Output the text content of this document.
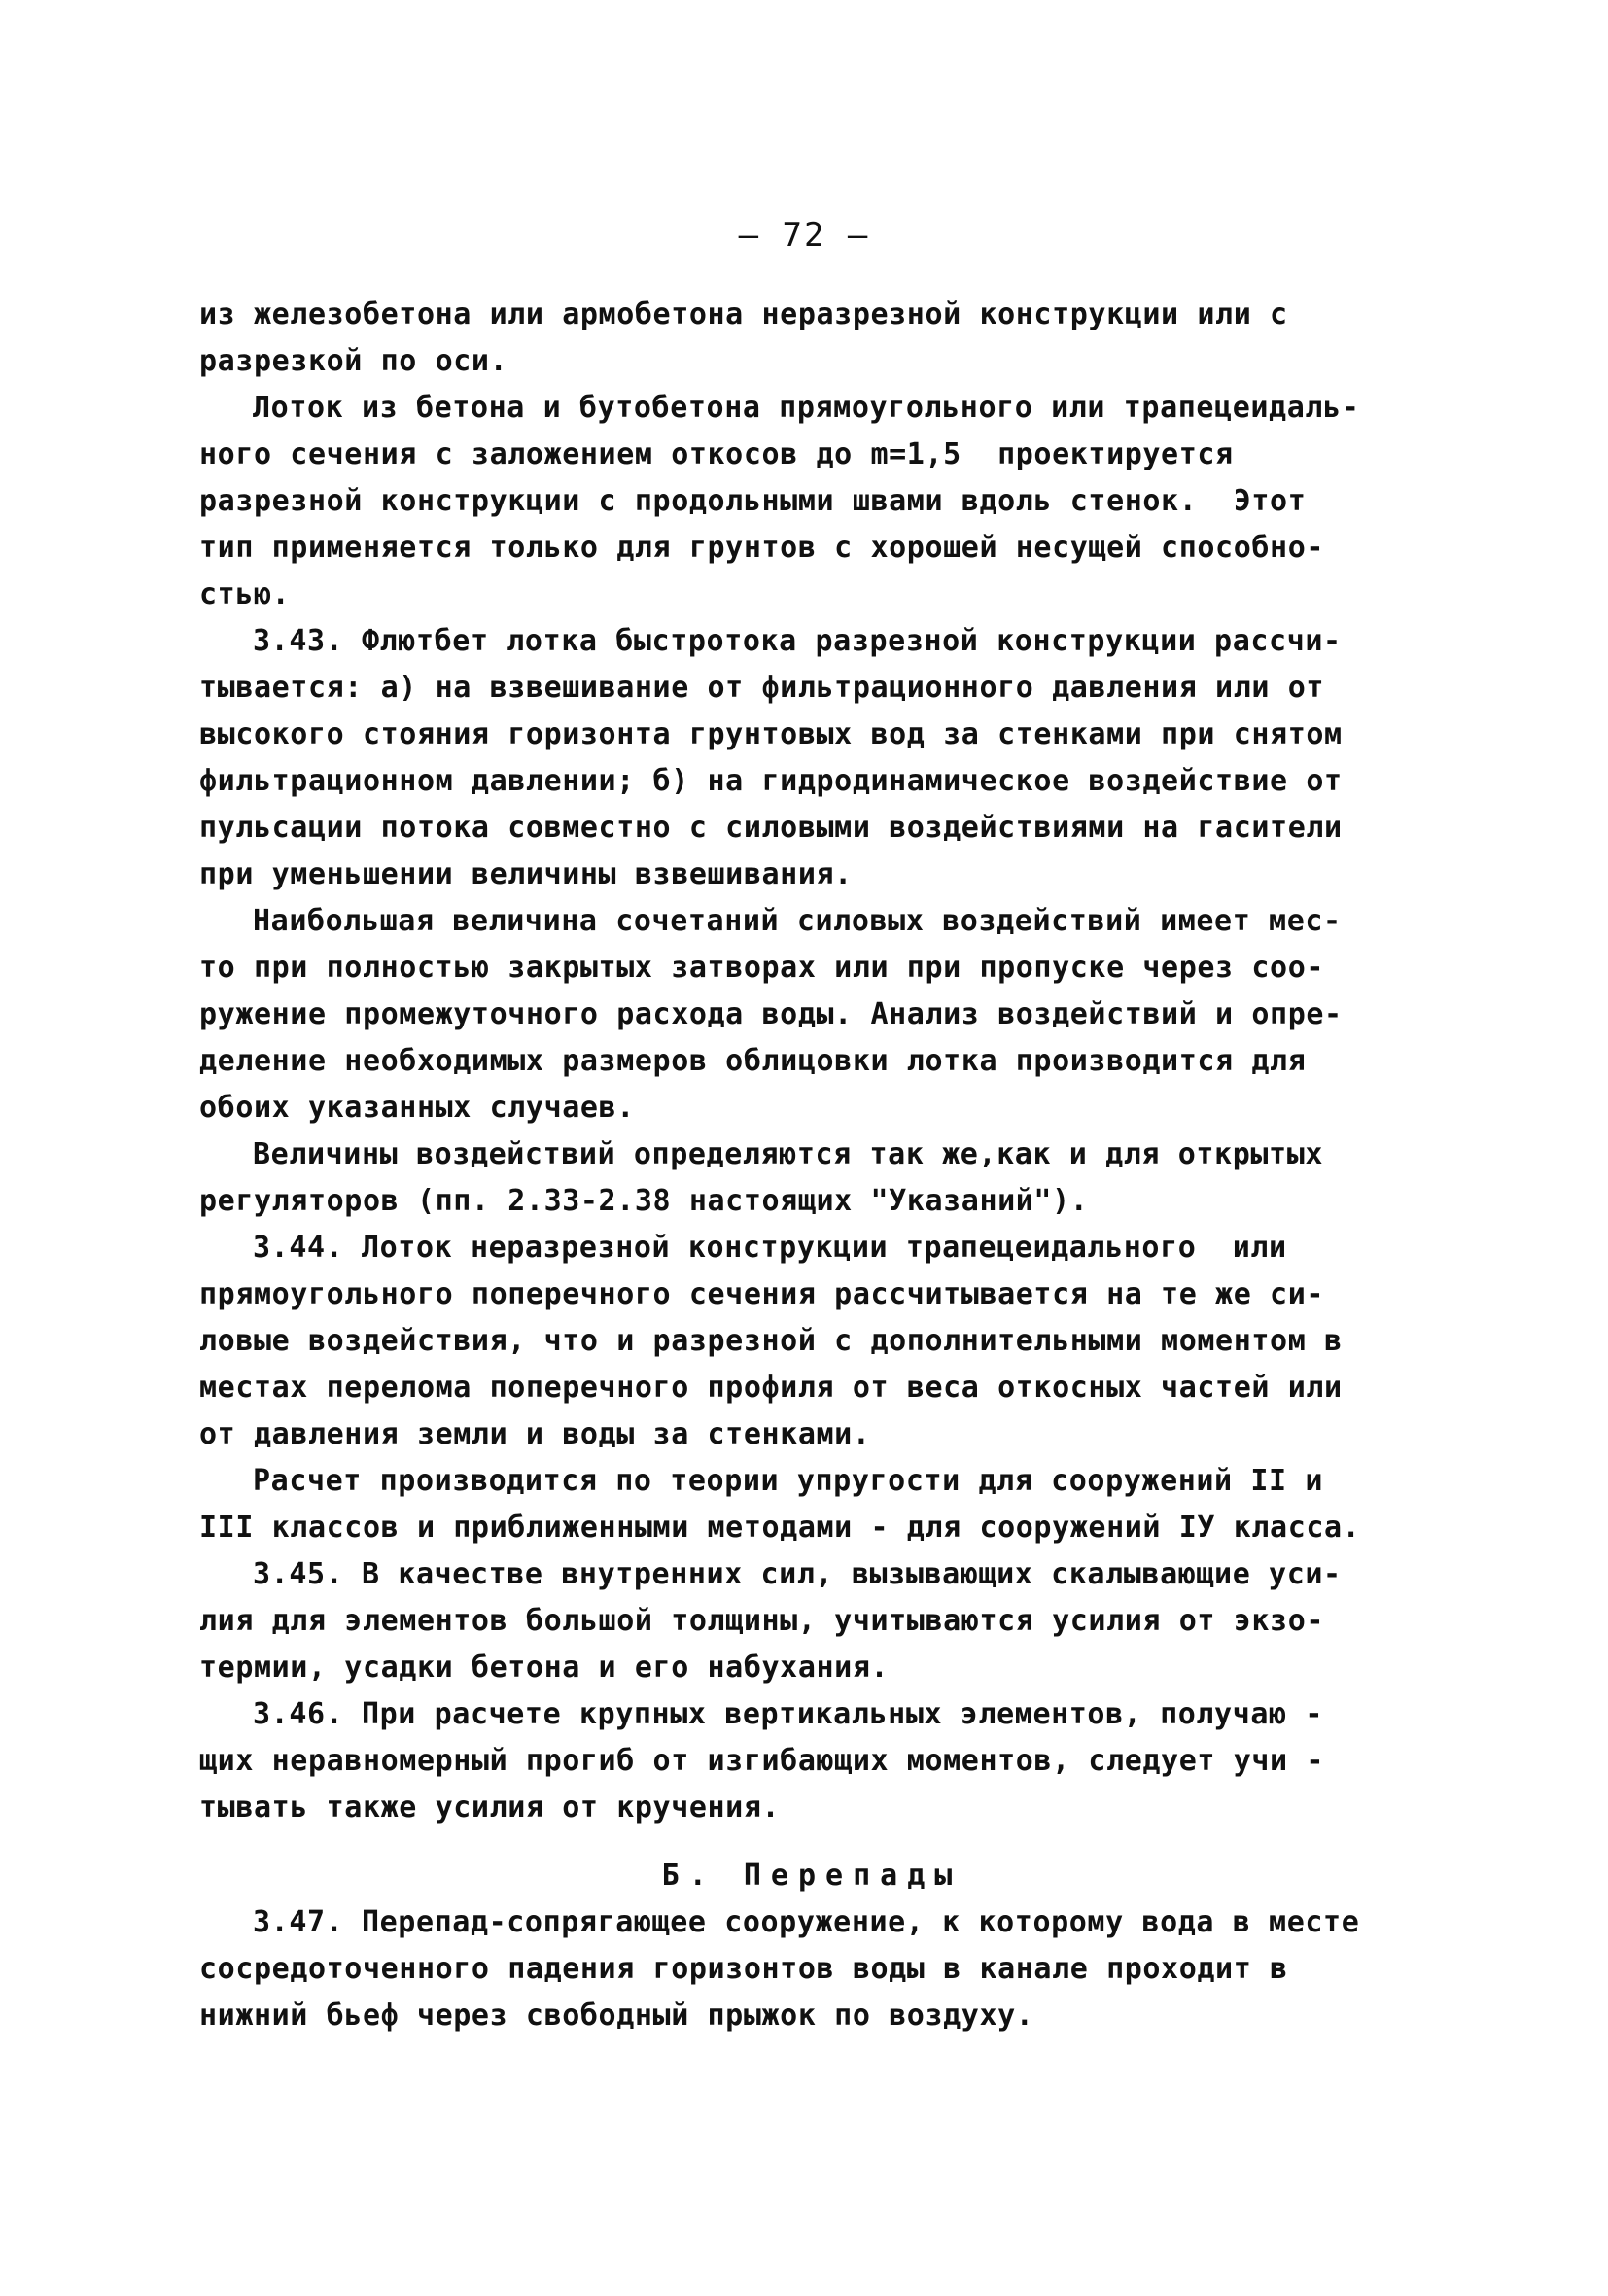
— 72 —
из железобетона или армобетона неразрезной конструкции или с
разрезкой по оси.
Лоток из бетона и бутобетона прямоугольного или трапецеидаль-
ного сечения с заложением откосов до m=1,5  проектируется
разрезной конструкции с продольными швами вдоль стенок.  Этот
тип применяется только для грунтов с хорошей несущей способно-
стью.
3.43. Флютбет лотка быстротока разрезной конструкции рассчи-
тывается: а) на взвешивание от фильтрационного давления или от
высокого стояния горизонта грунтовых вод за стенками при снятом
фильтрационном давлении; б) на гидродинамическое воздействие от
пульсации потока совместно с силовыми воздействиями на гасители
при уменьшении величины взвешивания.
Наибольшая величина сочетаний силовых воздействий имеет мес-
то при полностью закрытых затворах или при пропуске через соо-
ружение промежуточного расхода воды. Анализ воздействий и опре-
деление необходимых размеров облицовки лотка производится для
обоих указанных случаев.
Величины воздействий определяются так же,как и для открытых
регуляторов (пп. 2.33-2.38 настоящих "Указаний").
3.44. Лоток неразрезной конструкции трапецеидального  или
прямоугольного поперечного сечения рассчитывается на те же си-
ловые воздействия, что и разрезной с дополнительными моментом в
местах перелома поперечного профиля от веса откосных частей или
от давления земли и воды за стенками.
Расчет производится по теории упругости для сооружений II и
III классов и приближенными методами - для сооружений IУ класса.
3.45. В качестве внутренних сил, вызывающих скалывающие уси-
лия для элементов большой толщины, учитываются усилия от экзо-
термии, усадки бетона и его набухания.
3.46. При расчете крупных вертикальных элементов, получаю -
щих неравномерный прогиб от изгибающих моментов, следует учи -
тывать также усилия от кручения.
Б. Перепады
3.47. Перепад-сопрягающее сооружение, к которому вода в месте
сосредоточенного падения горизонтов воды в канале проходит в
нижний бьеф через свободный прыжок по воздуху.
